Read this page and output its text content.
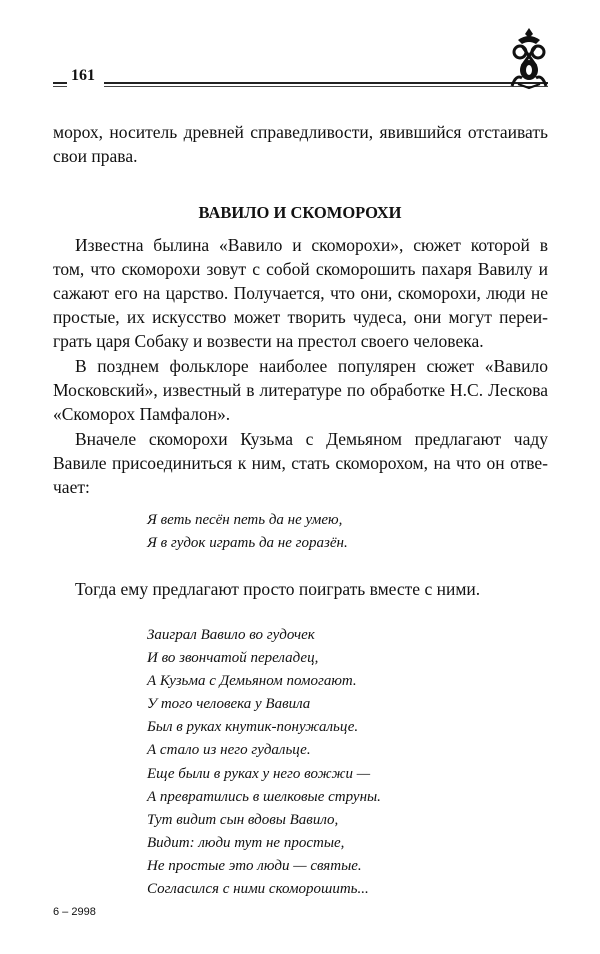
161
морох, носитель древней справедливости, явившийся отстаивать
свои права.
ВАВИЛО И СКОМОРОХИ
Известна былина «Вавило и скоморохи», сюжет которой в
том, что скоморохи зовут с собой скоморошить пахаря Вавилу и
сажают его на царство. Получается, что они, скоморохи, люди не
простые, их искусство может творить чудеса, они могут переи-
грать царя Собаку и возвести на престол своего человека.
В позднем фольклоре наиболее популярен сюжет «Вавило
Московский», известный в литературе по обработке Н.С. Лескова
«Скоморох Памфалон».
Вначеле скоморохи Кузьма с Демьяном предлагают чаду
Вавиле присоединиться к ним, стать скоморохом, на что он отве-
чает:
Я веть песён петь да не умею,
Я в гудок играть да не горазён.
Тогда ему предлагают просто поиграть вместе с ними.
Заиграл Вавило во гудочек
И во звончатой переладец,
А Кузьма с Демьяном помогают.
У того человека у Вавила
Был в руках кнутик-понужальце.
А стало из него гудальце.
Еще были в руках у него вожжи —
А превратились в шелковые струны.
Тут видит сын вдовы Вавило,
Видит: люди тут не простые,
Не простые это люди — святые.
Согласился с ними скоморошить...
6 – 2998
